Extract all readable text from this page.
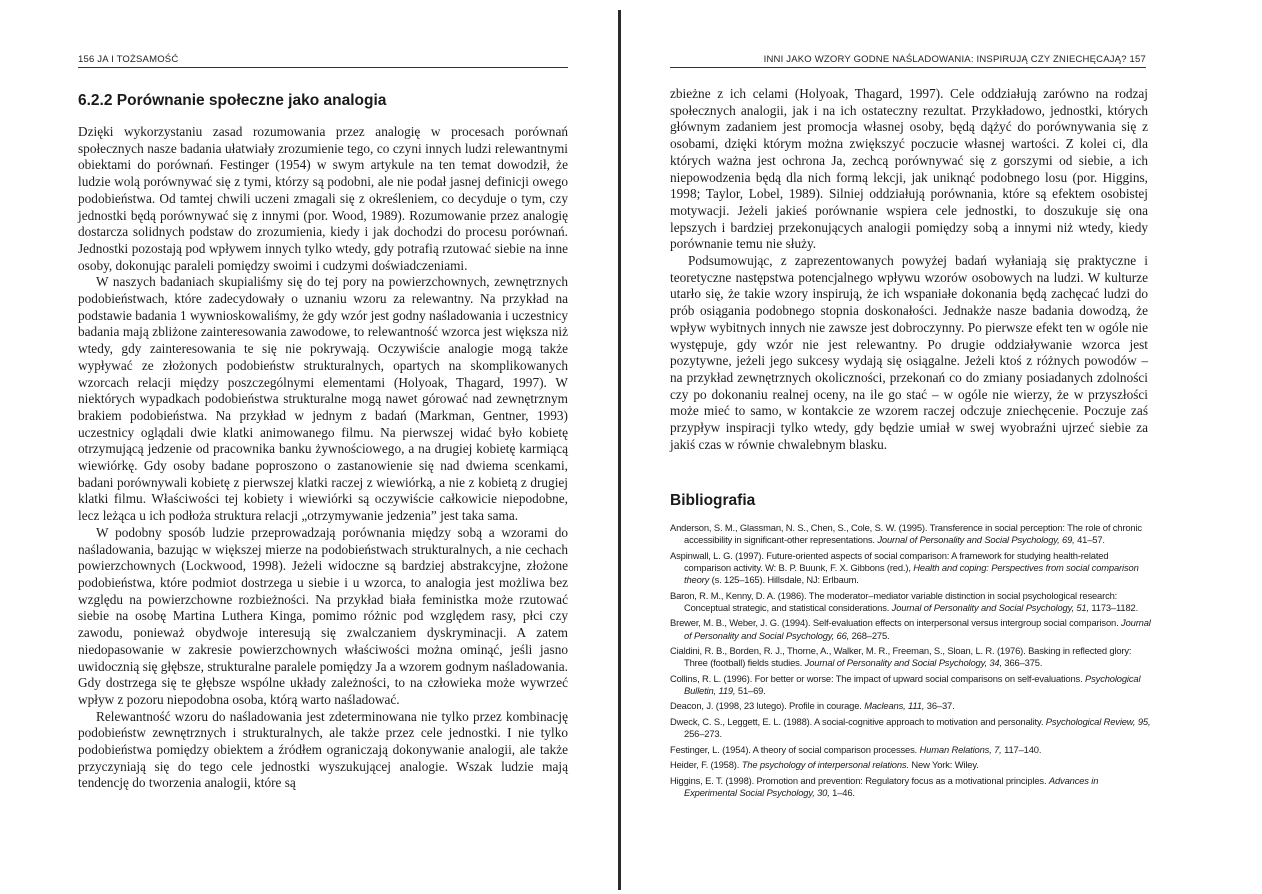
156 JA I TOŻSAMOŚĆ
6.2.2 Porównanie społeczne jako analogia

Dzięki wykorzystaniu zasad rozumowania przez analogię w procesach porównań społecznych nasze badania ułatwiały zrozumienie tego, co czyni innych ludzi relewantnymi obiektami do porównań. Festinger (1954) w swym artykule na ten temat dowodził, że ludzie wolą porównywać się z tymi, którzy są podobni, ale nie podał jasnej definicji owego podobieństwa. Od tamtej chwili uczeni zmagali się z określeniem, co decyduje o tym, czy jednostki będą porównywać się z innymi (por. Wood, 1989). Rozumowanie przez analogię dostarcza solidnych podstaw do zrozumienia, kiedy i jak dochodzi do procesu porównań. Jednostki pozostają pod wpływem innych tylko wtedy, gdy potrafią rzutować siebie na inne osoby, dokonując paraleli pomiędzy swoimi i cudzymi doświadczeniami.

W naszych badaniach skupialiśmy się do tej pory na powierzchownych, zewnętrznych podobieństwach, które zadecydowały o uznaniu wzoru za relewantny. Na przykład na podstawie badania 1 wywnioskowaliśmy, że gdy wzór jest godny naśladowania i uczestnicy badania mają zbliżone zainteresowania zawodowe, to relewantność wzorca jest większa niż wtedy, gdy zainteresowania te się nie pokrywają. Oczywiście analogie mogą także wypływać ze złożonych podobieństw strukturalnych, opartych na skomplikowanych wzorcach relacji między poszczególnymi elementami (Holyoak, Thagard, 1997). W niektórych wypadkach podobieństwa strukturalne mogą nawet górować nad zewnętrznym brakiem podobieństwa. Na przykład w jednym z badań (Markman, Gentner, 1993) uczestnicy oglądali dwie klatki animowanego filmu. Na pierwszej widać było kobietę otrzymującą jedzenie od pracownika banku żywnościowego, a na drugiej kobietę karmiącą wiewiórkę. Gdy osoby badane poproszono o zastanowienie się nad dwiema scenkami, badani porównywali kobietę z pierwszej klatki raczej z wiewiórką, a nie z kobietą z drugiej klatki filmu. Właściwości tej kobiety i wiewiórki są oczywiście całkowicie niepodobne, lecz leżąca u ich podłoża struktura relacji „otrzymywanie jedzenia” jest taka sama.

W podobny sposób ludzie przeprowadzają porównania między sobą a wzorami do naśladowania, bazując w większej mierze na podobieństwach strukturalnych, a nie cechach powierzchownych (Lockwood, 1998). Jeżeli widoczne są bardziej abstrakcyjne, złożone podobieństwa, które podmiot dostrzega u siebie i u wzorca, to analogia jest możliwa bez względu na powierzchowne rozbieżności. Na przykład biała feministka może rzutować siebie na osobę Martina Luthera Kinga, pomimo różnic pod względem rasy, płci czy zawodu, ponieważ obydwoje interesują się zwalczaniem dyskryminacji. A zatem niedopasowanie w zakresie powierzchownych właściwości można ominąć, jeśli jasno uwidocznią się głębsze, strukturalne paralele pomiędzy Ja a wzorem godnym naśladowania. Gdy dostrzega się te głębsze wspólne układy zależności, to na człowieka może wywrzeć wpływ z pozoru niepodobna osoba, którą warto naśladować.

Relewantność wzoru do naśladowania jest zdeterminowana nie tylko przez kombinację podobieństw zewnętrznych i strukturalnych, ale także przez cele jednostki. I nie tylko podobieństwa pomiędzy obiektem a źródłem ograniczają dokonywanie analogii, ale także przyczyniają się do tego cele jednostki wyszukującej analogie. Wszak ludzie mają tendencję do tworzenia analogii, które są

INNI JAKO WZORY GODNE NAŚLADOWANIA: INSPIRUJĄ CZY ZNIECHĘCAJĄ? 157

zbieżne z ich celami (Holyoak, Thagard, 1997). Cele oddziałują zarówno na rodzaj społecznych analogii, jak i na ich ostateczny rezultat. Przykładowo, jednostki, których głównym zadaniem jest promocja własnej osoby, będą dążyć do porównywania się z osobami, dzięki którym można zwiększyć poczucie własnej wartości. Z kolei ci, dla których ważna jest ochrona Ja, zechcą porównywać się z gorszymi od siebie, a ich niepowodzenia będą dla nich formą lekcji, jak uniknąć podobnego losu (por. Higgins, 1998; Taylor, Lobel, 1989). Silniej oddziałują porównania, które są efektem osobistej motywacji. Jeżeli jakieś porównanie wspiera cele jednostki, to doszukuje się ona lepszych i bardziej przekonujących analogii pomiędzy sobą a innymi niż wtedy, kiedy porównanie temu nie służy.

Podsumowując, z zaprezentowanych powyżej badań wyłaniają się praktyczne i teoretyczne następstwa potencjalnego wpływu wzorów osobowych na ludzi. W kulturze utarło się, że takie wzory inspirują, że ich wspaniałe dokonania będą zachęcać ludzi do prób osiągania podobnego stopnia doskonałości. Jednakże nasze badania dowodzą, że wpływ wybitnych innych nie zawsze jest dobroczynny. Po pierwsze efekt ten w ogóle nie występuje, gdy wzór nie jest relewantny. Po drugie oddziaływanie wzorca jest pozytywne, jeżeli jego sukcesy wydają się osiągalne. Jeżeli ktoś z różnych powodów – na przykład zewnętrznych okoliczności, przekonań co do zmiany posiadanych zdolności czy po dokonaniu realnej oceny, na ile go stać – w ogóle nie wierzy, że w przyszłości może mieć to samo, w kontakcie ze wzorem raczej odczuje zniechęcenie. Poczuje zaś przypływ inspiracji tylko wtedy, gdy będzie umiał w swej wyobraźni ujrzeć siebie za jakiś czas w równie chwalebnym blasku.

Bibliografia
Anderson, S. M., Glassman, N. S., Chen, S., Cole, S. W. (1995). Transference in social perception: The role of chronic accessibility in significant-other representations. Journal of Personality and Social Psychology, 69, 41–57.
Aspinwall, L. G. (1997). Future-oriented aspects of social comparison: A framework for studying health-related comparison activity. W: B. P. Buunk, F. X. Gibbons (red.), Health and coping: Perspectives from social comparison theory (s. 125–165). Hillsdale, NJ: Erlbaum.
Baron, R. M., Kenny, D. A. (1986). The moderator–mediator variable distinction in social psychological research: Conceptual strategic, and statistical considerations. Journal of Personality and Social Psychology, 51, 1173–1182.
Brewer, M. B., Weber, J. G. (1994). Self-evaluation effects on interpersonal versus intergroup social comparison. Journal of Personality and Social Psychology, 66, 268–275.
Cialdini, R. B., Borden, R. J., Thorne, A., Walker, M. R., Freeman, S., Sloan, L. R. (1976). Basking in reflected glory: Three (football) fields studies. Journal of Personality and Social Psychology, 34, 366–375.
Collins, R. L. (1996). For better or worse: The impact of upward social comparisons on self-evaluations. Psychological Bulletin, 119, 51–69.
Deacon, J. (1998, 23 lutego). Profile in courage. Macleans, 111, 36–37.
Dweck, C. S., Leggett, E. L. (1988). A social-cognitive approach to motivation and personality. Psychological Review, 95, 256–273.
Festinger, L. (1954). A theory of social comparison processes. Human Relations, 7, 117–140.
Heider, F. (1958). The psychology of interpersonal relations. New York: Wiley.
Higgins, E. T. (1998). Promotion and prevention: Regulatory focus as a motivational principles. Advances in Experimental Social Psychology, 30, 1–46.
